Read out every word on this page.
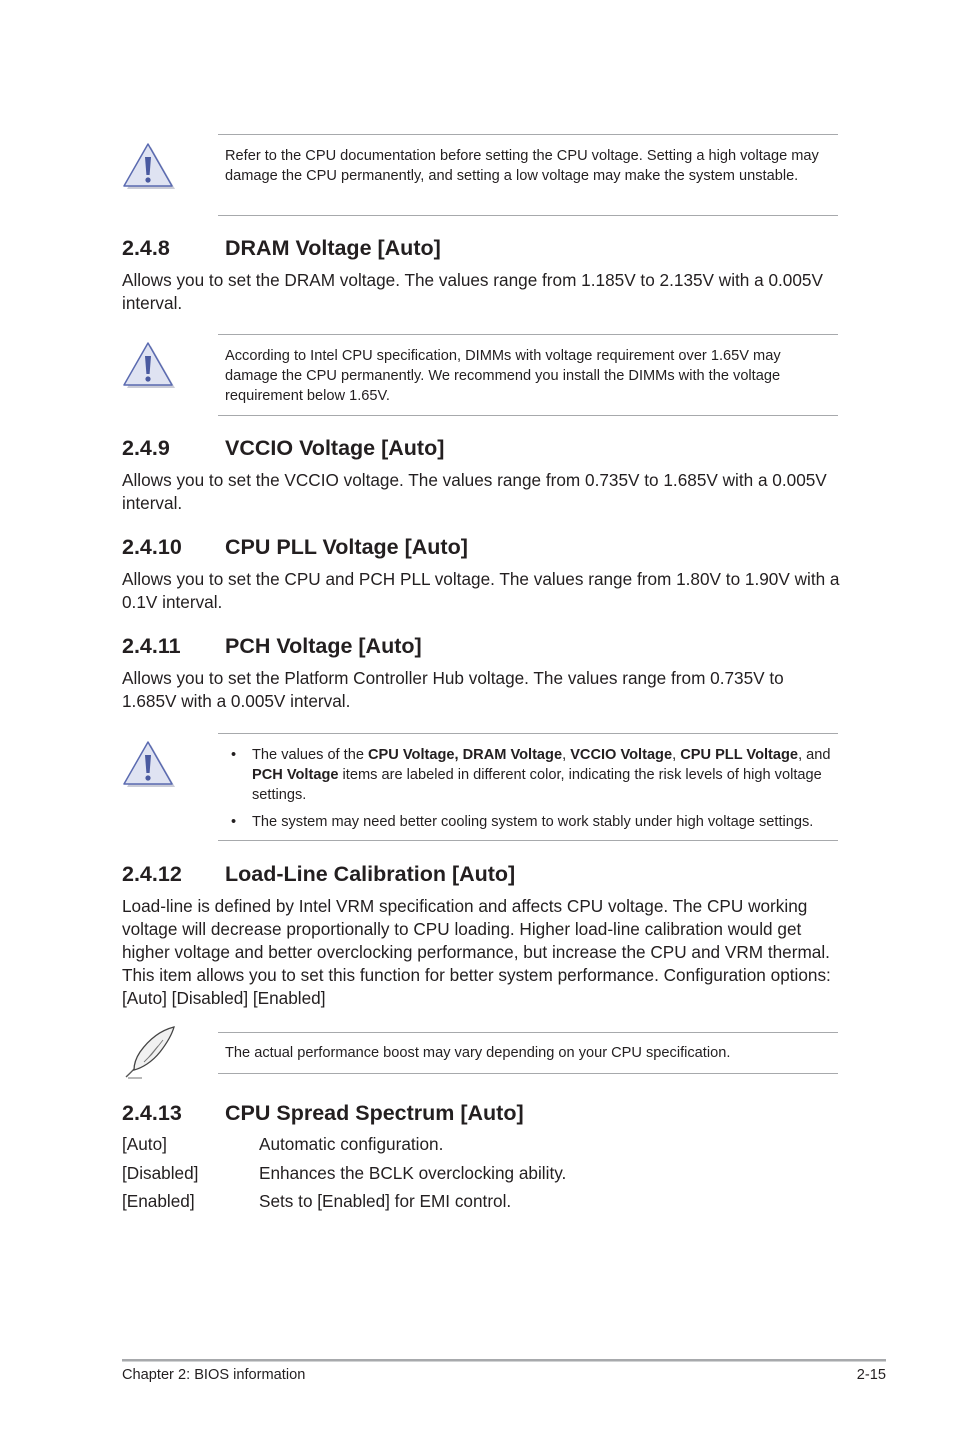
Refer to the CPU documentation before setting the CPU voltage. Setting a high voltage may damage the CPU permanently, and setting a low voltage may make the system unstable.

2.4.8	DRAM Voltage [Auto]

Allows you to set the DRAM voltage. The values range from 1.185V to 2.135V with a 0.005V interval.

According to Intel CPU specification, DIMMs with voltage requirement over 1.65V may damage the CPU permanently. We recommend you install the DIMMs with the voltage requirement below 1.65V.

2.4.9	VCCIO Voltage [Auto]

Allows you to set the VCCIO voltage. The values range from 0.735V to 1.685V with a 0.005V interval.

2.4.10 CPU PLL Voltage [Auto]

Allows you to set the CPU and PCH PLL voltage. The values range from 1.80V to 1.90V with a 0.1V interval.

2.4.11 PCH Voltage [Auto]

Allows you to set the Platform Controller Hub voltage. The values range from 0.735V to 1.685V with a 0.005V interval.

• The values of the CPU Voltage, DRAM Voltage, VCCIO Voltage, CPU PLL Voltage, and PCH Voltage items are labeled in different color, indicating the risk levels of high voltage settings.
• The system may need better cooling system to work stably under high voltage settings.
2.4.12 Load-Line Calibration [Auto]

Load-line is defined by Intel VRM specification and affects CPU voltage. The CPU working voltage will decrease proportionally to CPU loading. Higher load-line calibration would get higher voltage and better overclocking performance, but increase the CPU and VRM thermal. This item allows you to set this function for better system performance. Configuration options: [Auto] [Disabled] [Enabled]

The actual performance boost may vary depending on your CPU specification.

2.4.13 CPU Spread Spectrum [Auto]
[Auto]	Automatic configuration.
[Disabled]	Enhances the BCLK overclocking ability.
[Enabled]	Sets to [Enabled] for EMI control.
Chapter 2: BIOS information	2-15
